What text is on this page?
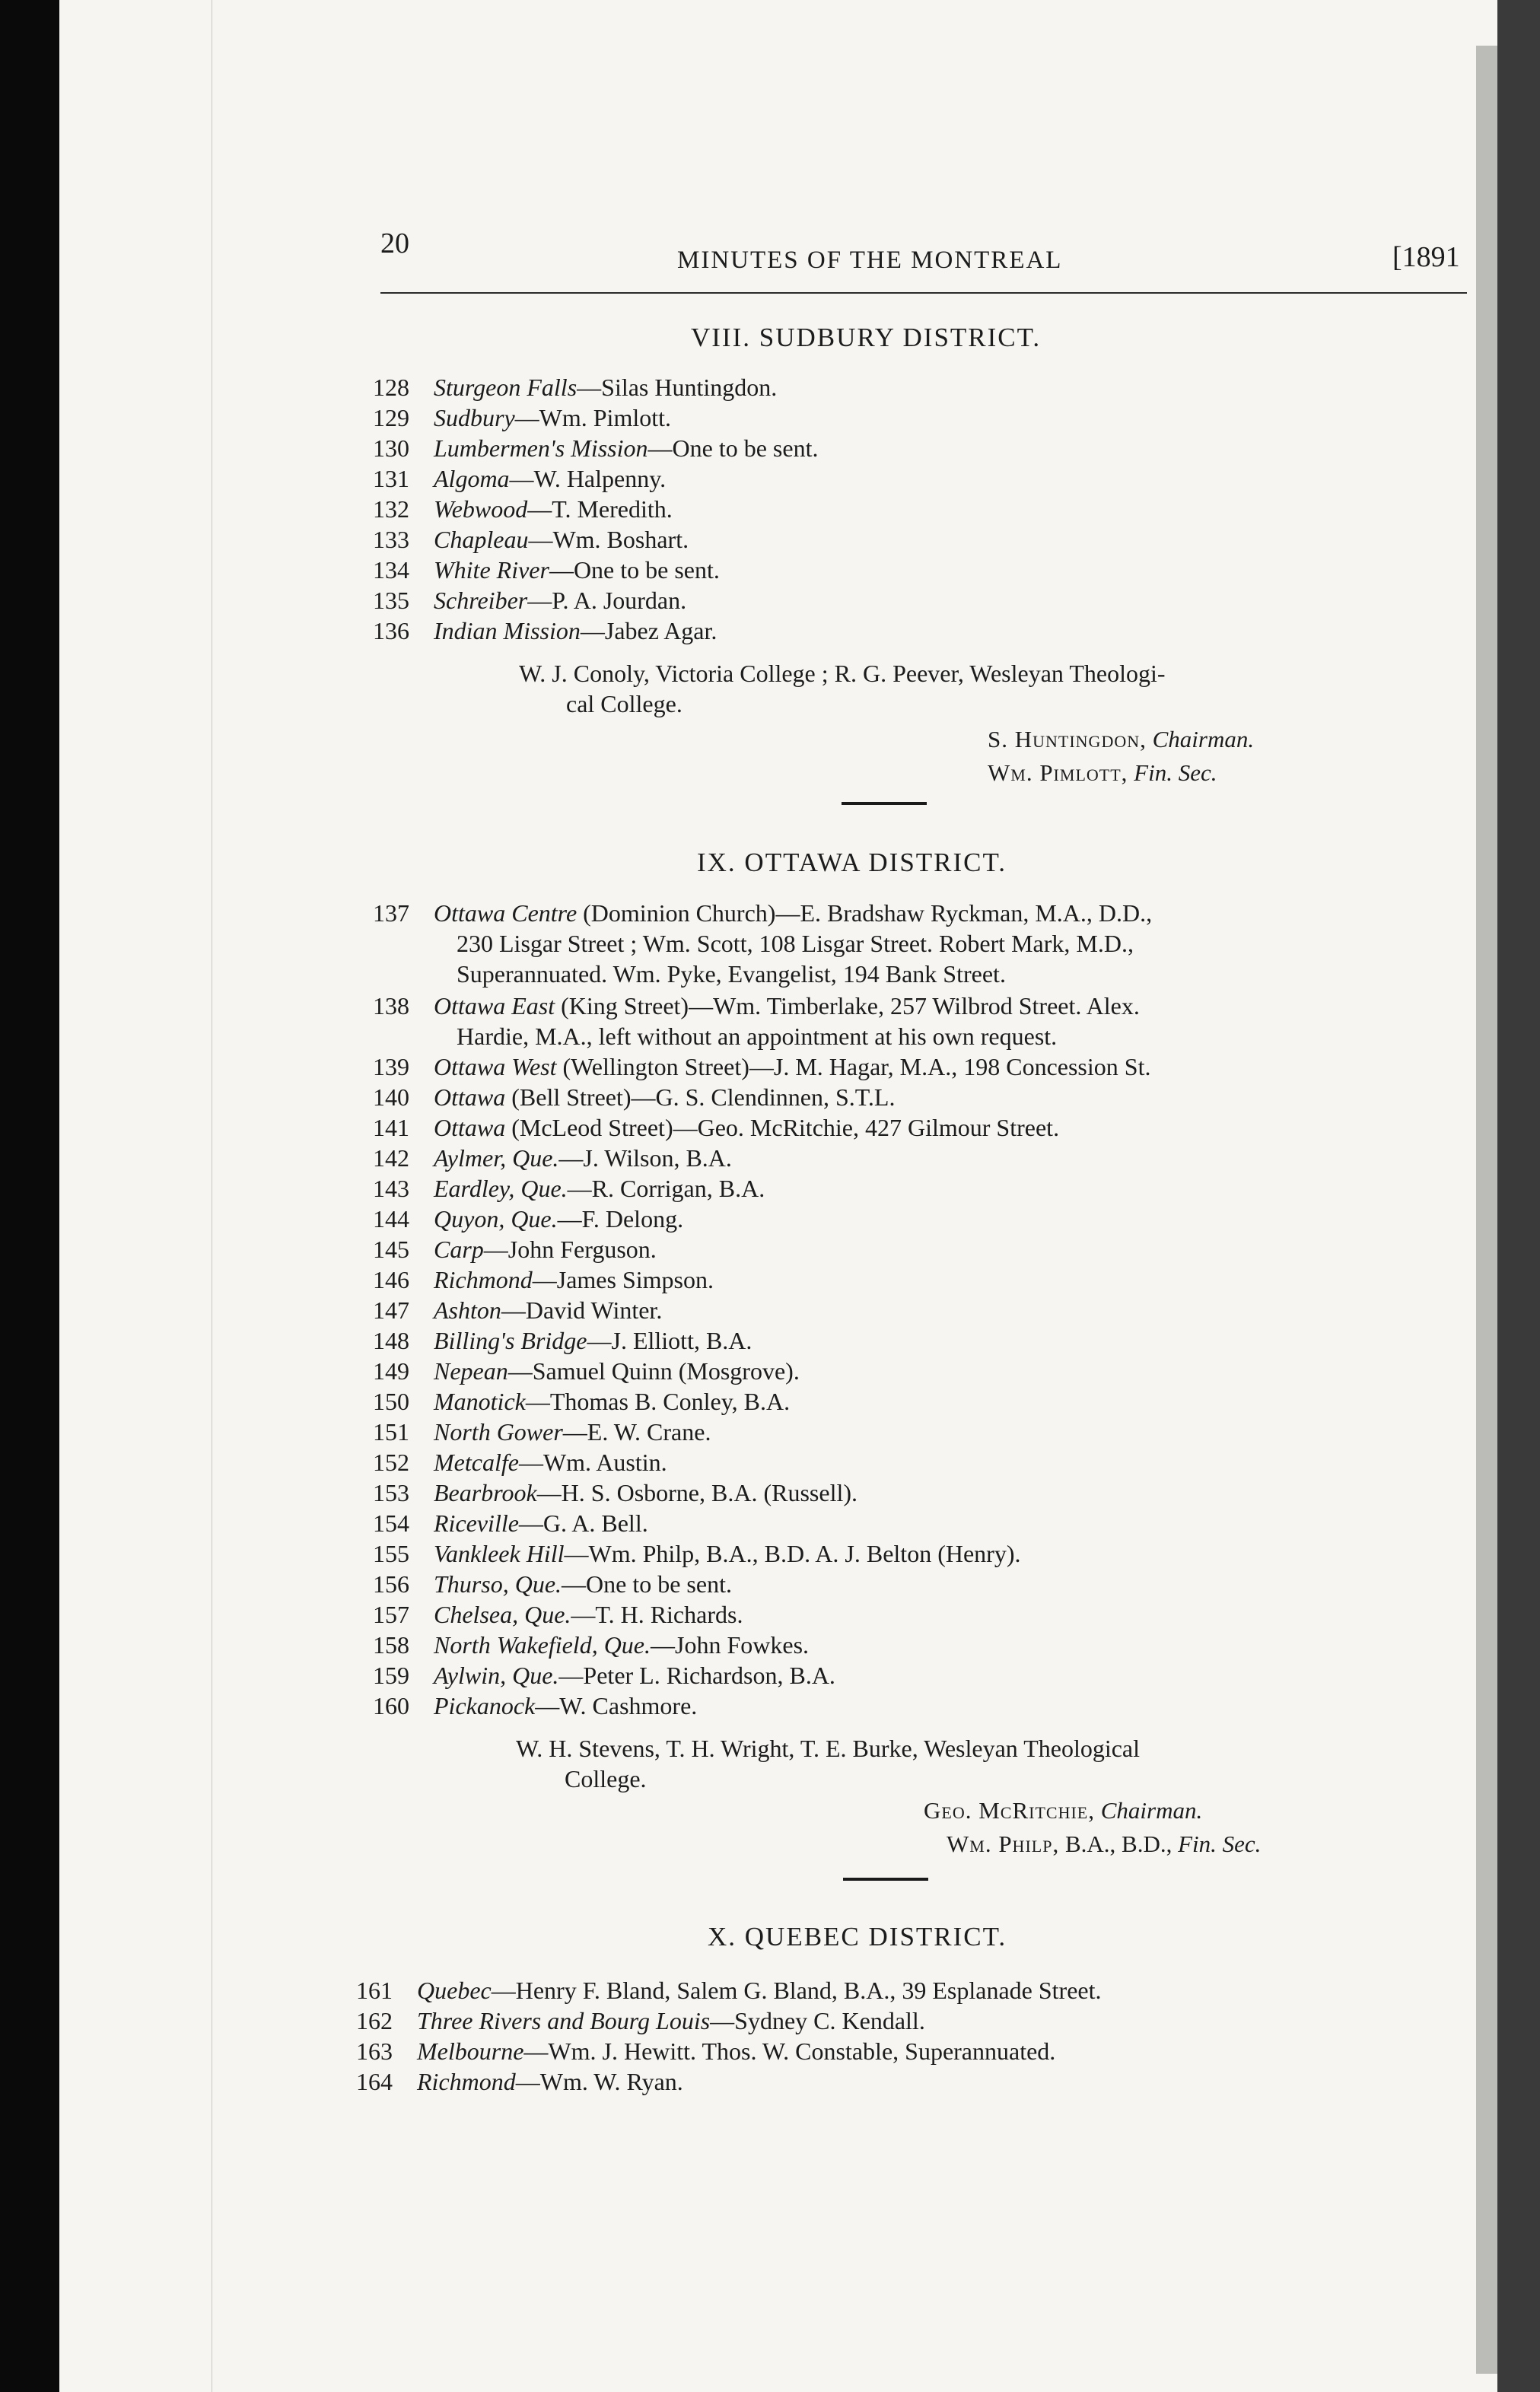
20
MINUTES OF THE MONTREAL	[1891
VIII. SUDBURY DISTRICT.
128 Sturgeon Falls—Silas Huntingdon.
129 Sudbury—Wm. Pimlott.
130 Lumbermen's Mission—One to be sent.
131 Algoma—W. Halpenny.
132 Webwood—T. Meredith.
133 Chapleau—Wm. Boshart.
134 White River—One to be sent.
135 Schreiber—P. A. Jourdan.
136 Indian Mission—Jabez Agar.
W. J. Conoly, Victoria College ; R. G. Peever, Wesleyan Theologi-
cal College.
S. Huntingdon, Chairman.
Wm. Pimlott, Fin. Sec.
IX. OTTAWA DISTRICT.
137 Ottawa Centre (Dominion Church)—E. Bradshaw Ryckman, M.A., D.D.,
230 Lisgar Street ; Wm. Scott, 108 Lisgar Street. Robert Mark, M.D.,
Superannuated. Wm. Pyke, Evangelist, 194 Bank Street.
138 Ottawa East (King Street)—Wm. Timberlake, 257 Wilbrod Street. Alex.
Hardie, M.A., left without an appointment at his own request.
139 Ottawa West (Wellington Street)—J. M. Hagar, M.A., 198 Concession St.
140 Ottawa (Bell Street)—G. S. Clendinnen, S.T.L.
141 Ottawa (McLeod Street)—Geo. McRitchie, 427 Gilmour Street.
142 Aylmer, Que.—J. Wilson, B.A.
143 Eardley, Que.—R. Corrigan, B.A.
144 Quyon, Que.—F. Delong.
145 Carp—John Ferguson.
146 Richmond—James Simpson.
147 Ashton—David Winter.
148 Billing's Bridge—J. Elliott, B.A.
149 Nepean—Samuel Quinn (Mosgrove).
150 Manotick—Thomas B. Conley, B.A.
151 North Gower—E. W. Crane.
152 Metcalfe—Wm. Austin.
153 Bearbrook—H. S. Osborne, B.A. (Russell).
154 Riceville—G. A. Bell.
155 Vankleek Hill—Wm. Philp, B.A., B.D. A. J. Belton (Henry).
156 Thurso, Que.—One to be sent.
157 Chelsea, Que.—T. H. Richards.
158 North Wakefield, Que.—John Fowkes.
159 Aylwin, Que.—Peter L. Richardson, B.A.
160 Pickanock—W. Cashmore.
W. H. Stevens, T. H. Wright, T. E. Burke, Wesleyan Theological
College.
Geo. McRitchie, Chairman.
Wm. Philp, B.A., B.D., Fin. Sec.
X. QUEBEC DISTRICT.
161 Quebec—Henry F. Bland, Salem G. Bland, B.A., 39 Esplanade Street.
162 Three Rivers and Bourg Louis—Sydney C. Kendall.
163 Melbourne—Wm. J. Hewitt. Thos. W. Constable, Superannuated.
164 Richmond—Wm. W. Ryan.
